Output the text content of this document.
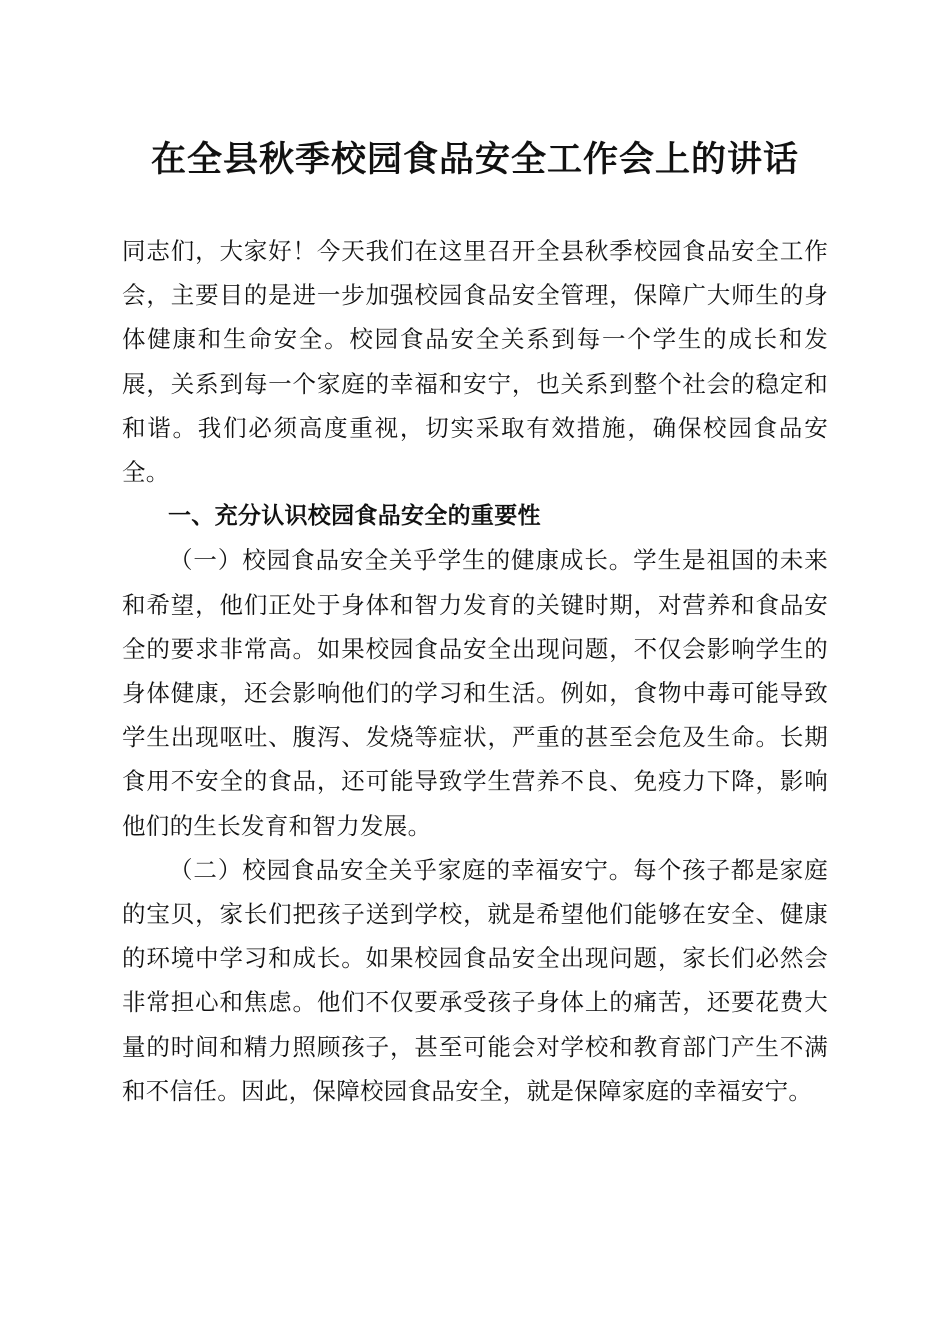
在全县秋季校园食品安全工作会上的讲话

同志们，大家好！今天我们在这里召开全县秋季校园食品安全工作会，主要目的是进一步加强校园食品安全管理，保障广大师生的身体健康和生命安全。校园食品安全关系到每一个学生的成长和发展，关系到每一个家庭的幸福和安宁，也关系到整个社会的稳定和和谐。我们必须高度重视，切实采取有效措施，确保校园食品安全。

一、充分认识校园食品安全的重要性

（一）校园食品安全关乎学生的健康成长。学生是祖国的未来和希望，他们正处于身体和智力发育的关键时期，对营养和食品安全的要求非常高。如果校园食品安全出现问题，不仅会影响学生的身体健康，还会影响他们的学习和生活。例如，食物中毒可能导致学生出现呕吐、腹泻、发烧等症状，严重的甚至会危及生命。长期食用不安全的食品，还可能导致学生营养不良、免疫力下降，影响他们的生长发育和智力发展。

（二）校园食品安全关乎家庭的幸福安宁。每个孩子都是家庭的宝贝，家长们把孩子送到学校，就是希望他们能够在安全、健康的环境中学习和成长。如果校园食品安全出现问题，家长们必然会非常担心和焦虑。他们不仅要承受孩子身体上的痛苦，还要花费大量的时间和精力照顾孩子，甚至可能会对学校和教育部门产生不满和不信任。因此，保障校园食品安全，就是保障家庭的幸福安宁。
